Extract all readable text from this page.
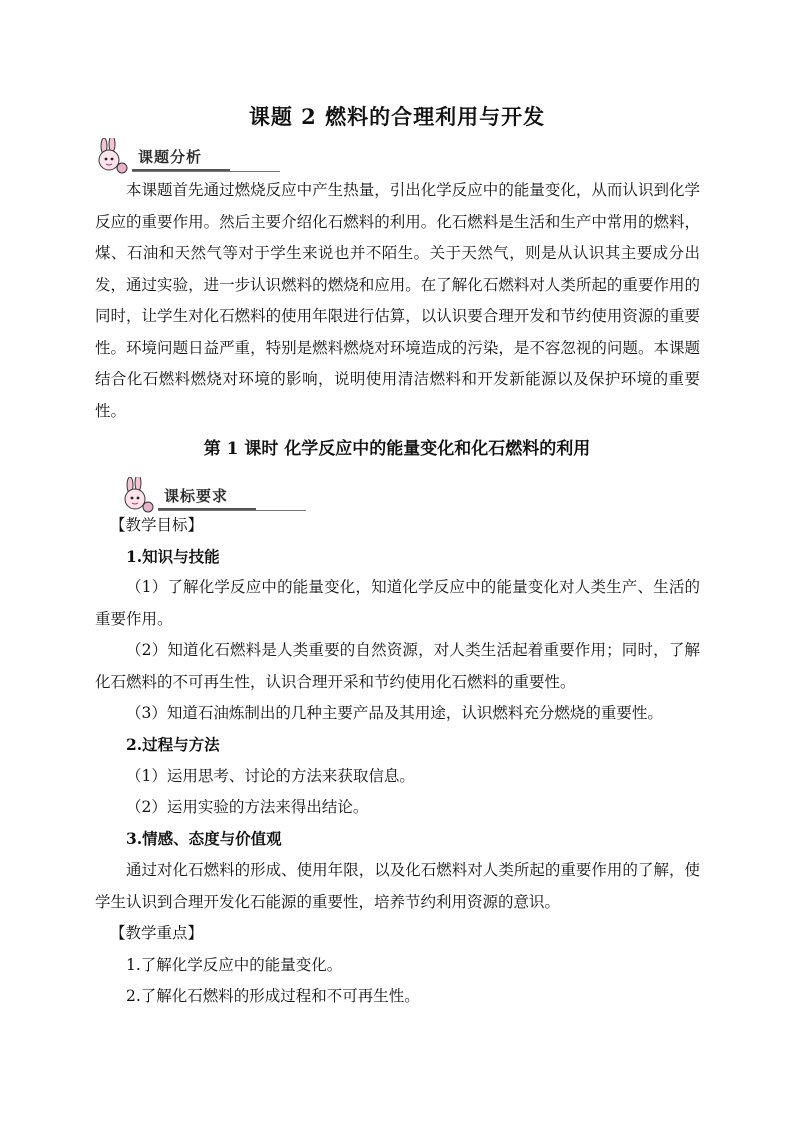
课题 2 燃料的合理利用与开发
课题分析
本课题首先通过燃烧反应中产生热量，引出化学反应中的能量变化，从而认识到化学反应的重要作用。然后主要介绍化石燃料的利用。化石燃料是生活和生产中常用的燃料，煤、石油和天然气等对于学生来说也并不陌生。关于天然气，则是从认识其主要成分出发，通过实验，进一步认识燃料的燃烧和应用。在了解化石燃料对人类所起的重要作用的同时，让学生对化石燃料的使用年限进行估算，以认识要合理开发和节约使用资源的重要性。环境问题日益严重，特别是燃料燃烧对环境造成的污染，是不容忽视的问题。本课题结合化石燃料燃烧对环境的影响，说明使用清洁燃料和开发新能源以及保护环境的重要性。
第 1 课时 化学反应中的能量变化和化石燃料的利用
课标要求
【教学目标】
1.知识与技能
（1）了解化学反应中的能量变化，知道化学反应中的能量变化对人类生产、生活的重要作用。
（2）知道化石燃料是人类重要的自然资源，对人类生活起着重要作用；同时，了解化石燃料的不可再生性，认识合理开采和节约使用化石燃料的重要性。
（3）知道石油炼制出的几种主要产品及其用途，认识燃料充分燃烧的重要性。
2.过程与方法
（1）运用思考、讨论的方法来获取信息。
（2）运用实验的方法来得出结论。
3.情感、态度与价值观
通过对化石燃料的形成、使用年限，以及化石燃料对人类所起的重要作用的了解，使学生认识到合理开发化石能源的重要性，培养节约利用资源的意识。
【教学重点】
1.了解化学反应中的能量变化。
2.了解化石燃料的形成过程和不可再生性。
